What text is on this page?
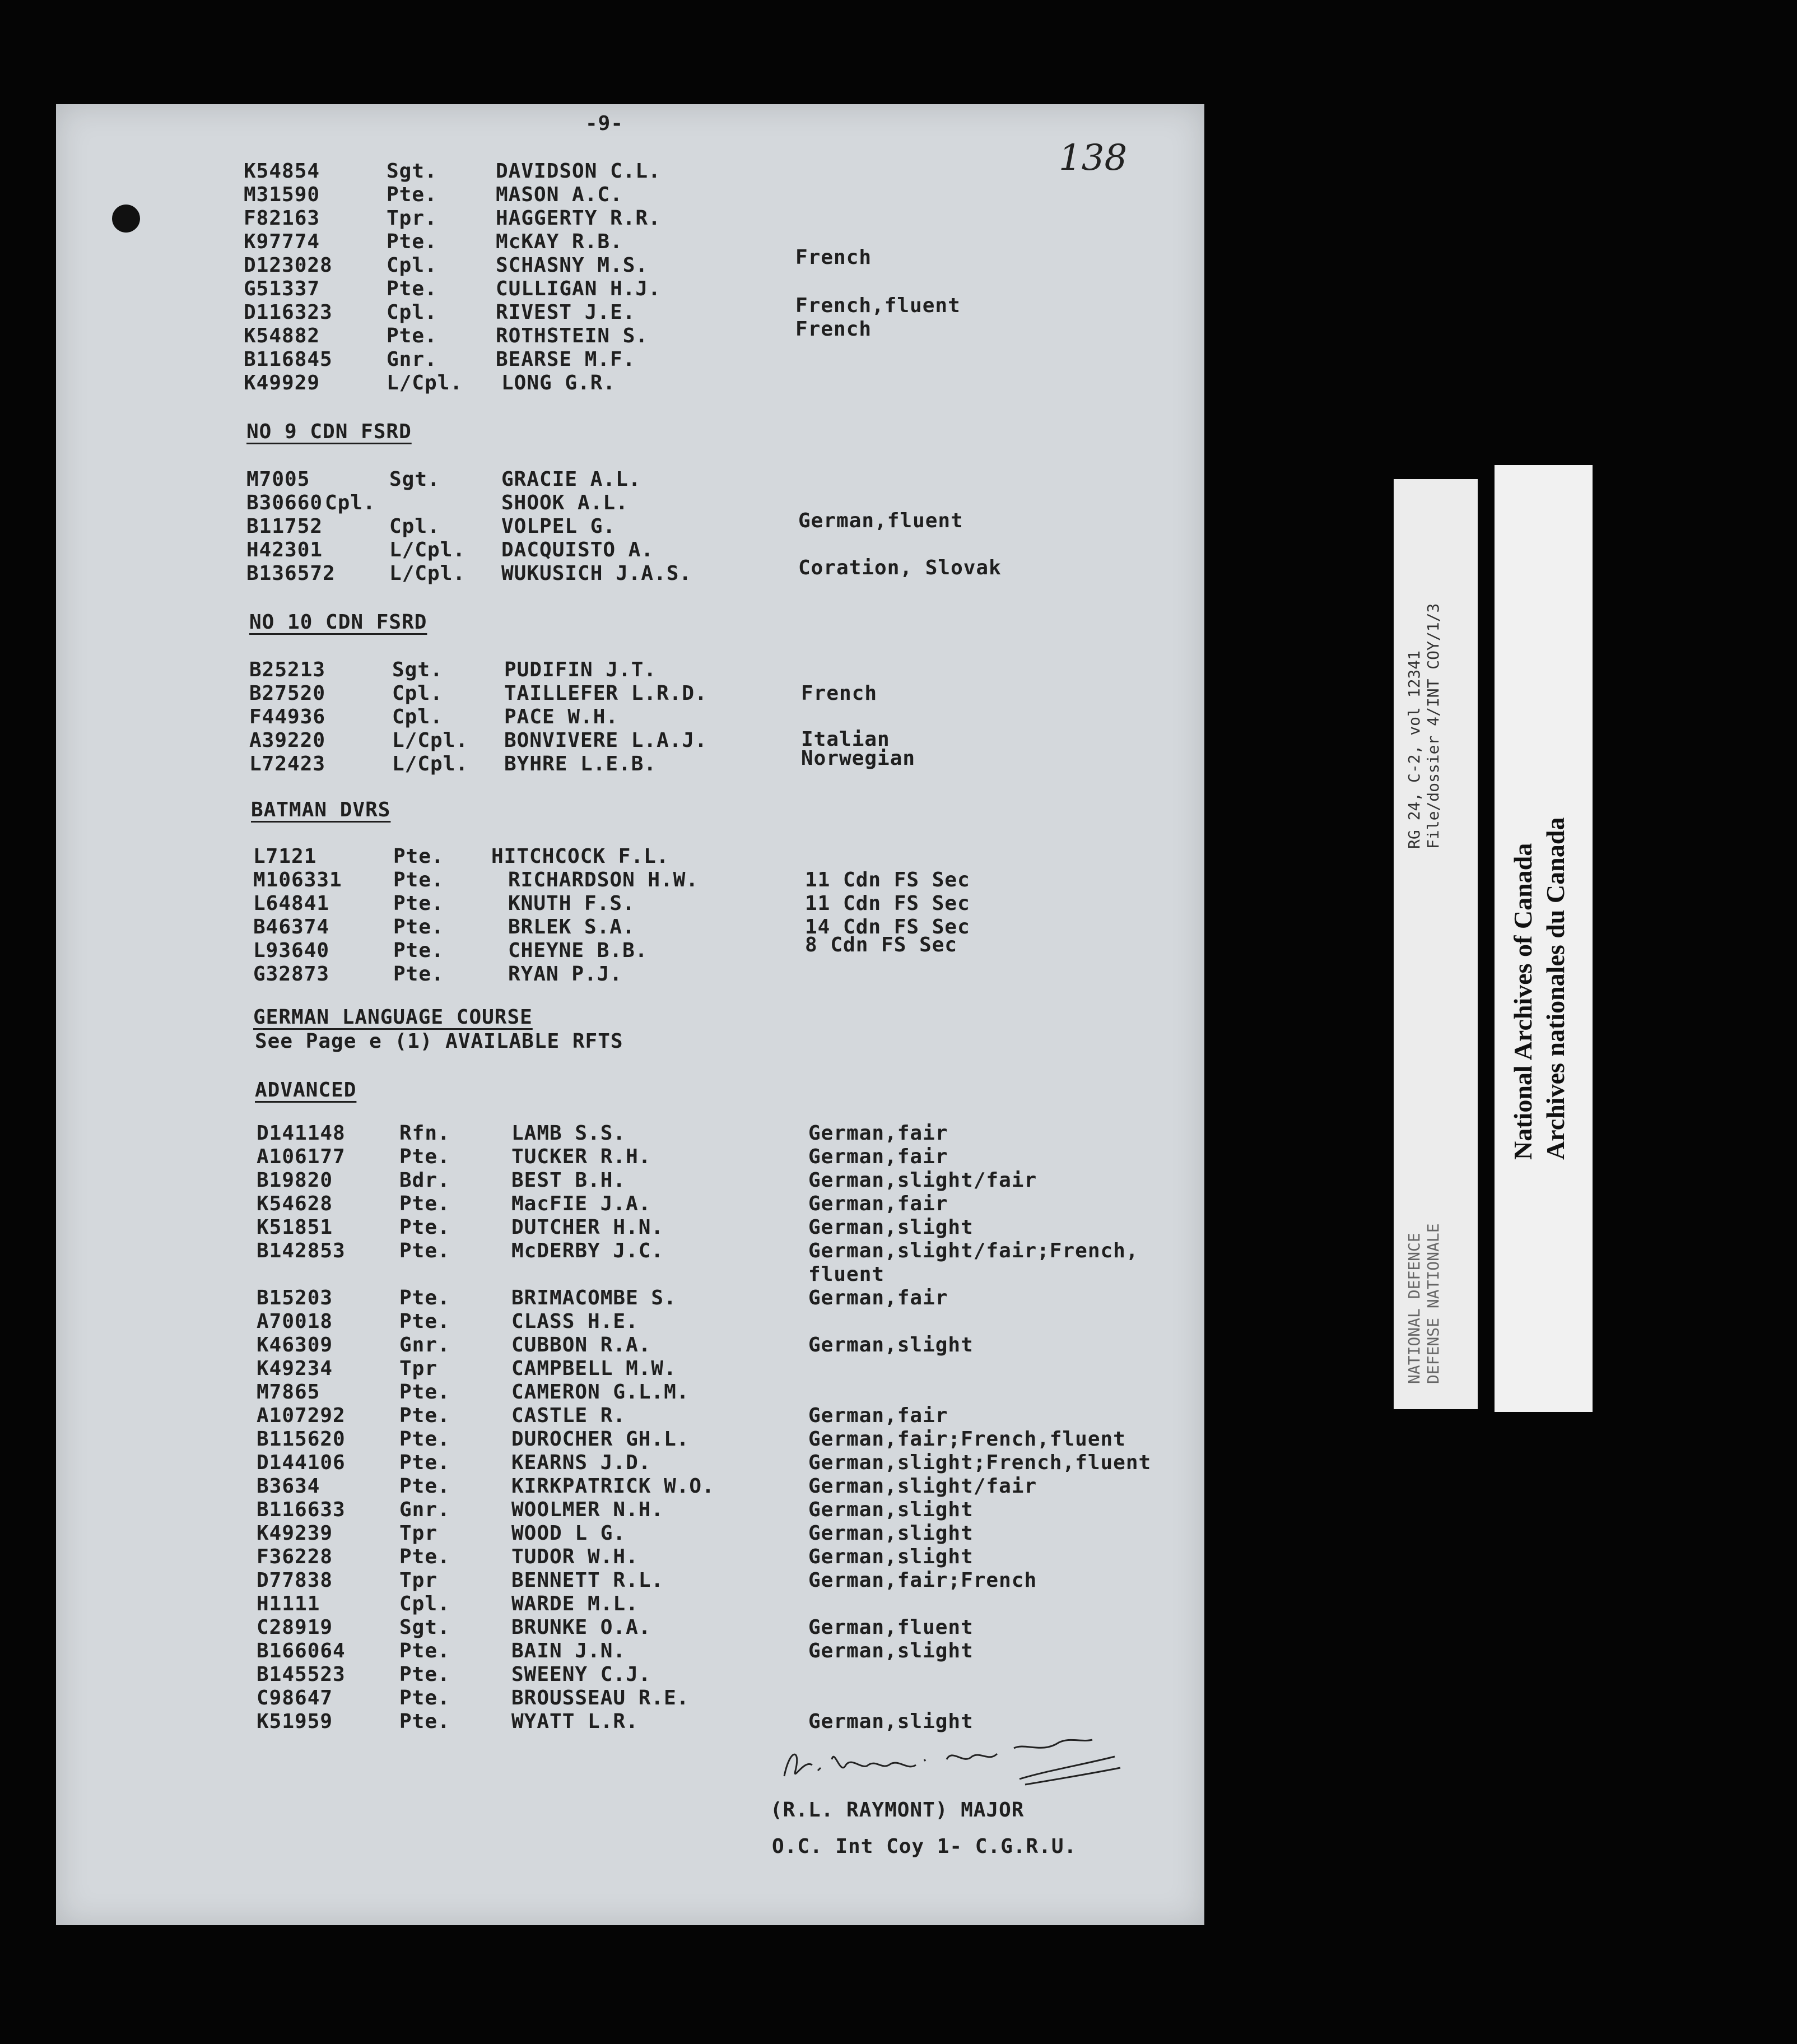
-9-
138
K54854	Sgt.	DAVIDSON C.L.
M31590	Pte.	MASON A.C.
F82163	Tpr.	HAGGERTY R.R.
K97774	Pte.	McKAY R.B.
D123028	Cpl.	SCHASNY M.S.	French
G51337	Pte.	CULLIGAN H.J.
D116323	Cpl.	RIVEST J.E.	French,fluent
K54882	Pte.	ROTHSTEIN S.	French
B116845	Gnr.	BEARSE M.F.
K49929	L/Cpl. LONG G.R.
NO 9 CDN FSRD
M7005	Sgt.	GRACIE A.L.
B30660 Cpl.	SHOOK A.L.
B11752	Cpl.	VOLPEL G.	German,fluent
H42301	L/Cpl. DACQUISTO A.
B136572	L/Cpl. WUKUSICH J.A.S.	Coration, Slovak
NO 10 CDN FSRD
B25213	Sgt.	PUDIFIN J.T.
B27520	Cpl.	TAILLEFER L.R.D.	French
F44936	Cpl.	PACE W.H.
A39220	L/Cpl. BONVIVERE L.A.J.	Italian
L72423	L/Cpl. BYHRE L.E.B.	Norwegian
BATMAN DVRS
L7121	Pte. HITCHCOCK F.L.
M106331	Pte.	RICHARDSON H.W.	11 Cdn FS Sec
L64841	Pte.	KNUTH F.S.	11 Cdn FS Sec
B46374	Pte.	BRLEK S.A.	14 Cdn FS Sec
L93640	Pte.	CHEYNE B.B.	8 Cdn FS Sec
G32873	Pte.	RYAN P.J.
GERMAN LANGUAGE COURSE
See Page e (1) AVAILABLE RFTS
ADVANCED
D141148	Rfn.	LAMB S.S.	German,fair
A106177	Pte.	TUCKER R.H.	German,fair
B19820	Bdr.	BEST B.H.	German,slight/fair
K54628	Pte.	MacFIE J.A.	German,fair
K51851	Pte.	DUTCHER H.N.	German,slight
B142853	Pte.	McDERBY J.C.	German,slight/fair;French,
fluent
B15203	Pte.	BRIMACOMBE S.	German,fair
A70018	Pte.	CLASS H.E.
K46309	Gnr.	CUBBON R.A.	German,slight
K49234	Tpr	CAMPBELL M.W.
M7865	Pte.	CAMERON G.L.M.
A107292	Pte.	CASTLE R.	German,fair
B115620	Pte.	DUROCHER GH.L.	German,fair;French,fluent
D144106	Pte.	KEARNS J.D.	German,slight;French,fluent
B3634	Pte.	KIRKPATRICK W.O.	German,slight/fair
B116633	Gnr.	WOOLMER N.H.	German,slight
K49239	Tpr	WOOD L G.	German,slight
F36228	Pte.	TUDOR W.H.	German,slight
D77838	Tpr	BENNETT R.L.	German,fair;French
H1111	Cpl.	WARDE M.L.
C28919	Sgt.	BRUNKE O.A.	German,fluent
B166064	Pte.	BAIN J.N.	German,slight
B145523	Pte.	SWEENY C.J.
C98647	Pte.	BROUSSEAU R.E.
K51959	Pte.	WYATT L.R.	German,slight
(R.L. RAYMONT) MAJOR
O.C. Int Coy 1- C.G.R.U.
RG 24, C-2, vol 12341 File/dossier 4/INT COY/1/3
NATIONAL DEFENCE DEFENSE NATIONALE
National Archives of Canada Archives nationales du Canada
